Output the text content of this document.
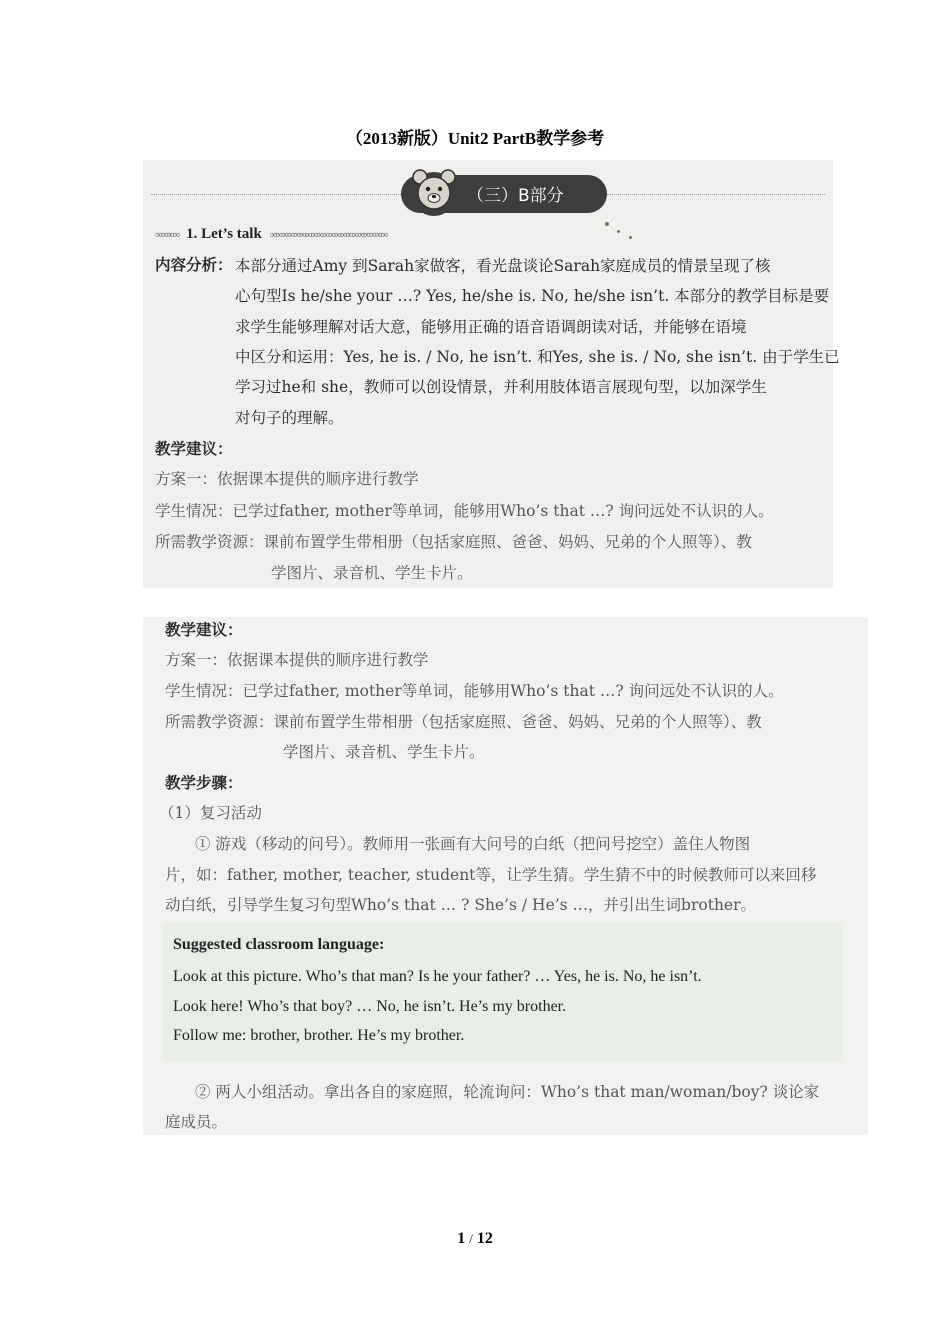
（2013新版）Unit2 PartB教学参考
（三）B部分
∞∞∞∞ 1. Let’s talk ∞∞∞∞∞∞∞∞∞∞∞∞∞∞∞∞∞∞∞∞
内容分析： 本部分通过Amy 到Sarah家做客，看光盘谈论Sarah家庭成员的情景呈现了核
心句型Is he/she your …? Yes, he/she is. No, he/she isn’t. 本部分的教学目标是要
求学生能够理解对话大意，能够用正确的语音语调朗读对话，并能够在语境
中区分和运用：Yes, he is. / No, he isn’t. 和Yes, she is. / No, she isn’t. 由于学生已
学习过he和 she，教师可以创设情景，并利用肢体语言展现句型，以加深学生
对句子的理解。
教学建议：
方案一：依据课本提供的顺序进行教学
学生情况：已学过father, mother等单词，能够用Who’s that …? 询问远处不认识的人。
所需教学资源：课前布置学生带相册（包括家庭照、爸爸、妈妈、兄弟的个人照等）、教
学图片、录音机、学生卡片。
教学建议：
方案一：依据课本提供的顺序进行教学
学生情况：已学过father, mother等单词，能够用Who’s that …? 询问远处不认识的人。
所需教学资源：课前布置学生带相册（包括家庭照、爸爸、妈妈、兄弟的个人照等）、教
学图片、录音机、学生卡片。
教学步骤：
（1）复习活动
① 游戏（移动的问号）。教师用一张画有大问号的白纸（把问号挖空）盖住人物图
片，如：father, mother, teacher, student等，让学生猜。学生猜不中的时候教师可以来回移
动白纸，引导学生复习句型Who’s that … ? She’s / He’s …，并引出生词brother。
Suggested classroom language:
Look at this picture. Who’s that man? Is he your father? … Yes, he is. No, he isn’t.
Look here! Who’s that boy? … No, he isn’t. He’s my brother.
Follow me: brother, brother. He’s my brother.
② 两人小组活动。拿出各自的家庭照，轮流询问：Who’s that man/woman/boy? 谈论家
庭成员。
1 / 12
